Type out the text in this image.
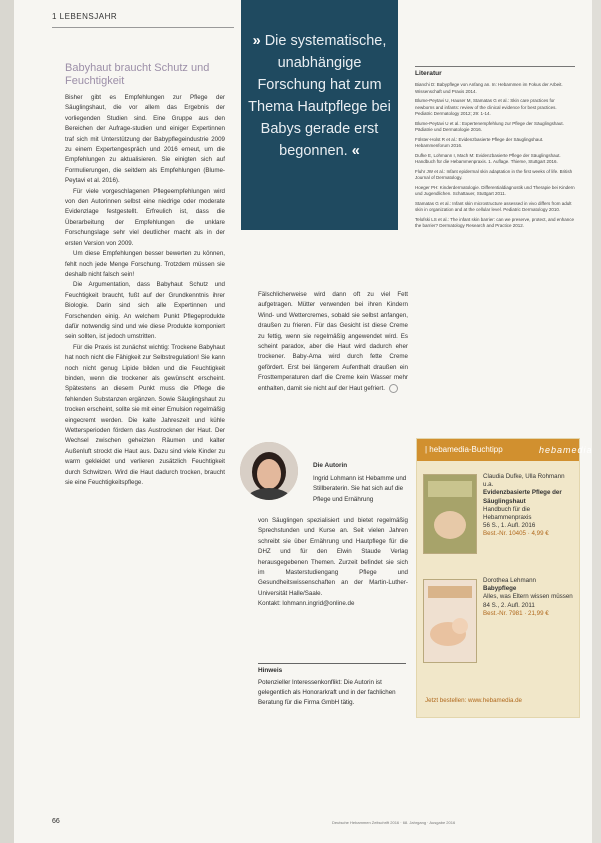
1 LEBENSJAHR
Babyhaut braucht Schutz und Feuchtigkeit

Bisher gibt es Empfehlungen zur Pflege der Säuglingshaut, die vor allem das Ergebnis der vorliegenden Studien sind. Eine Gruppe aus den Bereichen der Aufrage-studien und einiger Expertinnen traf sich mit Unterstützung der Babypflegeindustrie 2009 zu einem Expertengespräch und 2016 erneut, um die Empfehlungen zu aktualisieren. Sie einigten sich auf Formulierungen, die seitdem als Empfehlungen (Blume-Peytavi et al. 2016).

Für viele vorgeschlagenen Pflegeempfehlungen wird von den Autorinnen selbst eine niedrige oder moderate Evidenzlage festgestellt. Erfreulich ist, dass die Überarbeitung der Empfehlungen die unklare Forschungslage sehr viel deutlicher macht als in der ersten Version von 2009.

Um diese Empfehlungen besser bewerten zu können, fehlt noch jede Menge Forschung. Trotzdem müssen sie deshalb nicht falsch sein!

Die Argumentation, dass Babyhaut Schutz und Feuchtigkeit braucht, fußt auf der Grundkenntnis ihrer Biologie. Darin sind sich alle Expertinnen und Forschenden einig. An welchem Punkt Pflegeprodukte dafür notwendig sind und wie diese Produkte komponiert sein sollten, ist jedoch umstritten.

Für die Praxis ist zunächst wichtig: Trockene Babyhaut hat noch nicht die Fähigkeit zur Selbstregulation! Sie kann noch nicht genug Lipide bilden und die Feuchtigkeit binden, wenn die trockener als gewünscht erscheint. Spätestens an diesem Punkt muss die Pflege die fehlenden Substanzen ergänzen. Sowie Säuglingshaut zu trocken erscheint, sollte sie mit einer Emulsion regelmäßig eingecremt werden. Die kalte Jahreszeit und kühle Wettersperioden fördern das Austrocknen der Haut. Der Wechsel zwischen geheizten Räumen und kalter Außenluft strockt die Haut aus. Dazu sind viele Kinder zu warm gekleidet und verlieren zusätzlich Feuchtigkeit durch Schwitzen. Wird die Haut dadurch trocken, braucht sie eine Feuchtigkeitspflege.

» Die systematische, unabhängige Forschung hat zum Thema Hautpflege bei Babys gerade erst begonnen. «

Fälschlicherweise wird dann oft zu viel Fett aufgetragen. Mütter verwenden bei ihren Kindern Wind- und Wettercremes, sobald sie selbst anfangen, draußen zu frieren. Für das Gesicht ist diese Creme zu fettig, wenn sie regelmäßig angewendet wird. Es scheint paradox, aber die Haut wird dadurch eher trockener. Baby-Ama wird durch fette Creme gefördert. Erst bei längerem Aufenthalt draußen ein Frosttemperaturen darf die Creme kein Wasser mehr enthalten, damit sie nicht auf der Haut gefriert.

Die Autorin
Ingrid Lohmann ist Hebamme und Stillberaterin. Sie hat sich auf die Pflege und Ernährung

von Säuglingen spezialisiert und bietet regelmäßig Sprechstunden und Kurse an. Seit vielen Jahren schreibt sie über Ernährung und Hautpflege für die DHZ und für den Elwin Staude Verlag herausgegebenen Themen. Zurzeit befindet sie sich im Masterstudiengang Pflege und Gesundheitswissenschaften an der Martin-Luther-Universität Halle/Saale.

Kontakt: lohmann.ingrid@online.de

Hinweis
Potenzieller Interessenkonflikt: Die Autorin ist gelegentlich als Honorarkraft und in der fachlichen Beratung für die Firma GmbH tätig.
Literatur

Bianchi D: Babypflege von Anfang an. In: Hebammen im Fokus der Arbeit. Wissenschaft und Praxis 2014.

Blume-Peytavi U, Hauser M, Stamatas G et al.: Skin care practices for newborns and infants: review of the clinical evidence for best practices. Pediatric Dermatology 2012; 29: 1-14.

Blume-Peytavi U et al.: Expertenempfehlung zur Pflege der Säuglingshaut. Pädiatrie und Dermatologie 2016.

Fölster-Holst R et al.: Evidenzbasierte Pflege der Säuglingshaut. Hebammenforum 2016.

Dufke E, Lohmann I, Mach M: Evidenzbasierte Pflege der Säuglingshaut. Handbuch für die Hebammenpraxis. 1. Auflage. Thieme, Stuttgart 2016.

Fluhr JW et al.: Infant epidermal skin adaptation in the first weeks of life. British Journal of Dermatology.

Hoeger PH: Kinderdermatologie. Differentialdiagnostik und Therapie bei Kindern und Jugendlichen. Schattauer, Stuttgart 2011.

Stamatas G et al.: Infant skin microstructure assessed in vivo differs from adult skin in organization and at the cellular level. Pediatric Dermatology 2010.

Telofski LS et al.: The infant skin barrier: can we preserve, protect, and enhance the barrier? Dermatology Research and Practice 2012.

| hebamedia-Buchtipp	hebamedia
Claudia Dufke, Ulla Rohmann u.a.
Evidenzbasierte Pflege der Säuglingshaut
Handbuch für die Hebammenpraxis
56 S., 1. Aufl. 2016
Best.-Nr. 10405 · 4,99 €
Dorothea Lehmann
Babypflege
Alles, was Eltern wissen müssen
84 S., 2. Aufl. 2011
Best.-Nr. 7981 · 21,99 €
Jetzt bestellen: www.hebamedia.de
66	Deutsche Hebammen Zeitschrift 2016 · 68. Jahrgang · Ausgabe 2016
